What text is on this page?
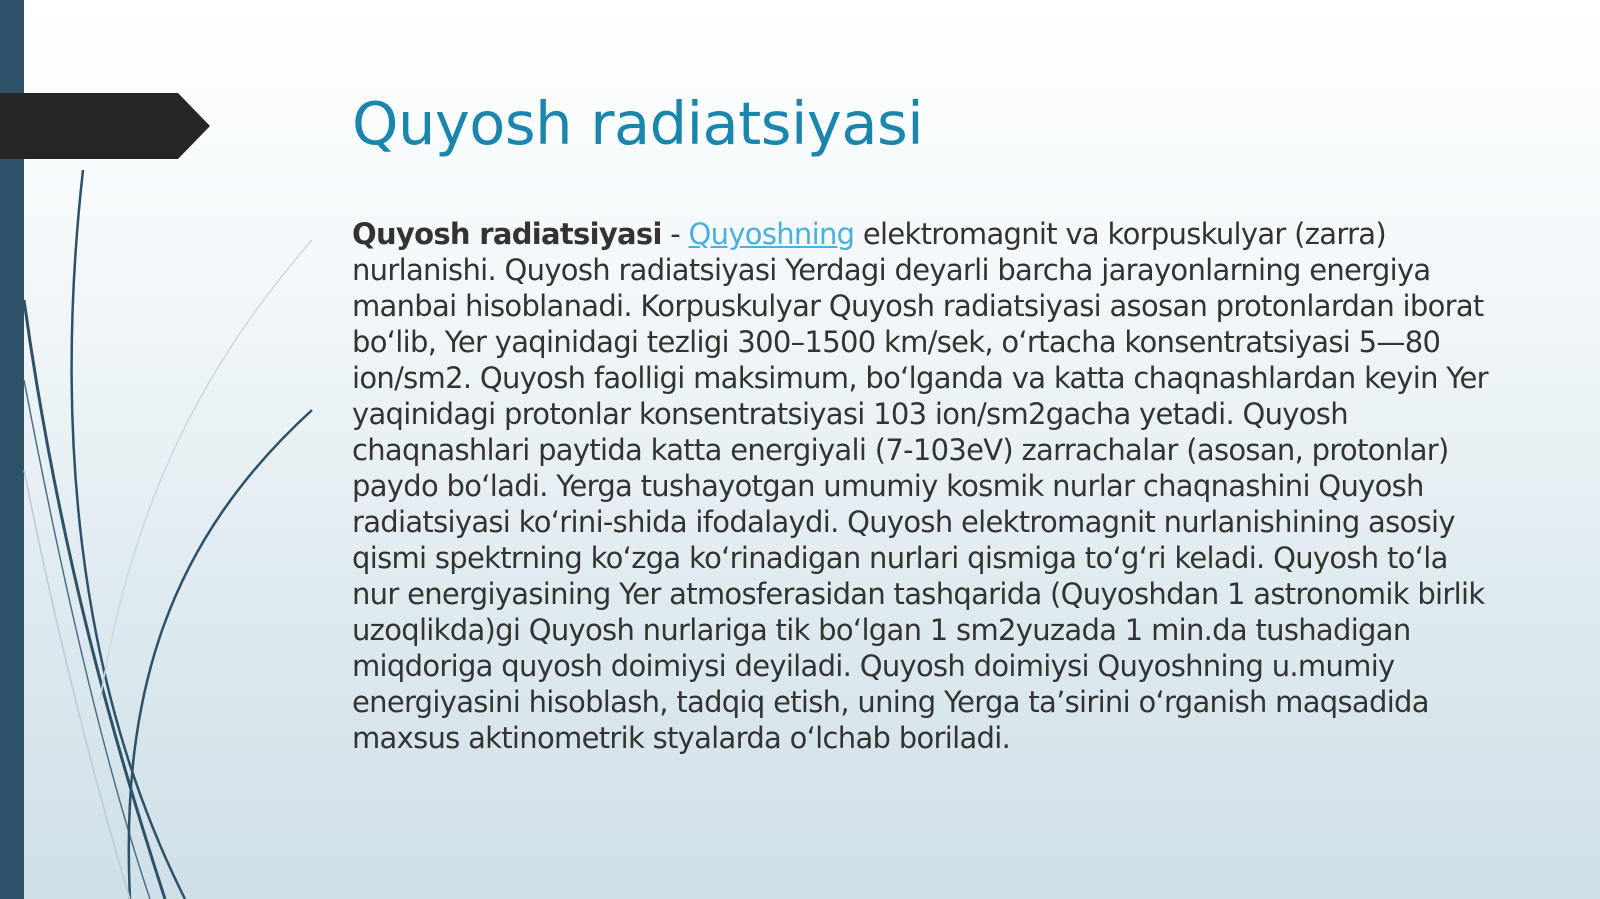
Quyosh radiatsiyasi

Quyosh radiatsiyasi - Quyoshning elektromagnit va korpuskulyar (zarra) nurlanishi. Quyosh radiatsiyasi Yerdagi deyarli barcha jarayonlarning energiya manbai hisoblanadi. Korpuskulyar Quyosh radiatsiyasi asosan protonlardan iborat bo‘lib, Yer yaqinidagi tezligi 300–1500 km/sek, o‘rtacha konsentratsiyasi 5—80 ion/sm2. Quyosh faolligi maksimum, bo‘lganda va katta chaqnashlardan keyin Yer yaqinidagi protonlar konsentratsiyasi 103 ion/sm2gacha yetadi. Quyosh chaqnashlari paytida katta energiyali (7-103eV) zarrachalar (asosan, protonlar) paydo bo‘ladi. Yerga tushayotgan umumiy kosmik nurlar chaqnashini Quyosh radiatsiyasi ko‘rini-shida ifodalaydi. Quyosh elektromagnit nurlanishining asosiy qismi spektrning ko‘zga ko‘rinadigan nurlari qismiga to‘g‘ri keladi. Quyosh to‘la nur energiyasining Yer atmosferasidan tashqarida (Quyoshdan 1 astronomik birlik uzoqlikda)gi Quyosh nurlariga tik bo‘lgan 1 sm2yuzada 1 min.da tushadigan miqdoriga quyosh doimiysi deyiladi. Quyosh doimiysi Quyoshning u.mumiy energiyasini hisoblash, tadqiq etish, uning Yerga ta’sirini o‘rganish maqsadida maxsus aktinometrik styalarda o‘lchab boriladi.
